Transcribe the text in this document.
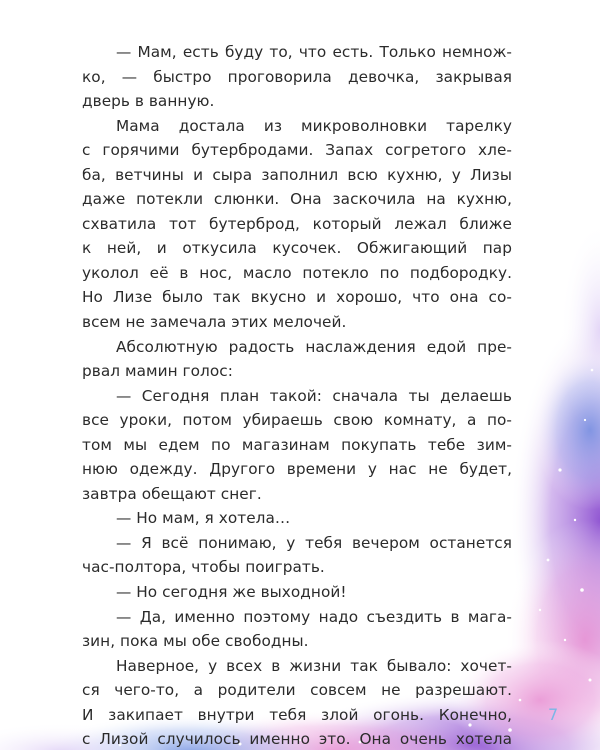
— Мам, есть буду то, что есть. Только немнож-
ко, — быстро проговорила девочка, закрывая
дверь в ванную.
Мама достала из микроволновки тарелку
с горячими бутербродами. Запах согретого хле-
ба, ветчины и сыра заполнил всю кухню, у Лизы
даже потекли слюнки. Она заскочила на кухню,
схватила тот бутерброд, который лежал ближе
к ней, и откусила кусочек. Обжигающий пар
уколол её в нос, масло потекло по подбородку.
Но Лизе было так вкусно и хорошо, что она со-
всем не замечала этих мелочей.
Абсолютную радость наслаждения едой пре-
рвал мамин голос:
— Сегодня план такой: сначала ты делаешь
все уроки, потом убираешь свою комнату, а по-
том мы едем по магазинам покупать тебе зим-
нюю одежду. Другого времени у нас не будет,
завтра обещают снег.
— Но мам, я хотела…
— Я всё понимаю, у тебя вечером останется
час-полтора, чтобы поиграть.
— Но сегодня же выходной!
— Да, именно поэтому надо съездить в мага-
зин, пока мы обе свободны.
Наверное, у всех в жизни так бывало: хочет-
ся чего-то, а родители совсем не разрешают.
И закипает внутри тебя злой огонь. Конечно,
с Лизой случилось именно это. Она очень хотела
7
